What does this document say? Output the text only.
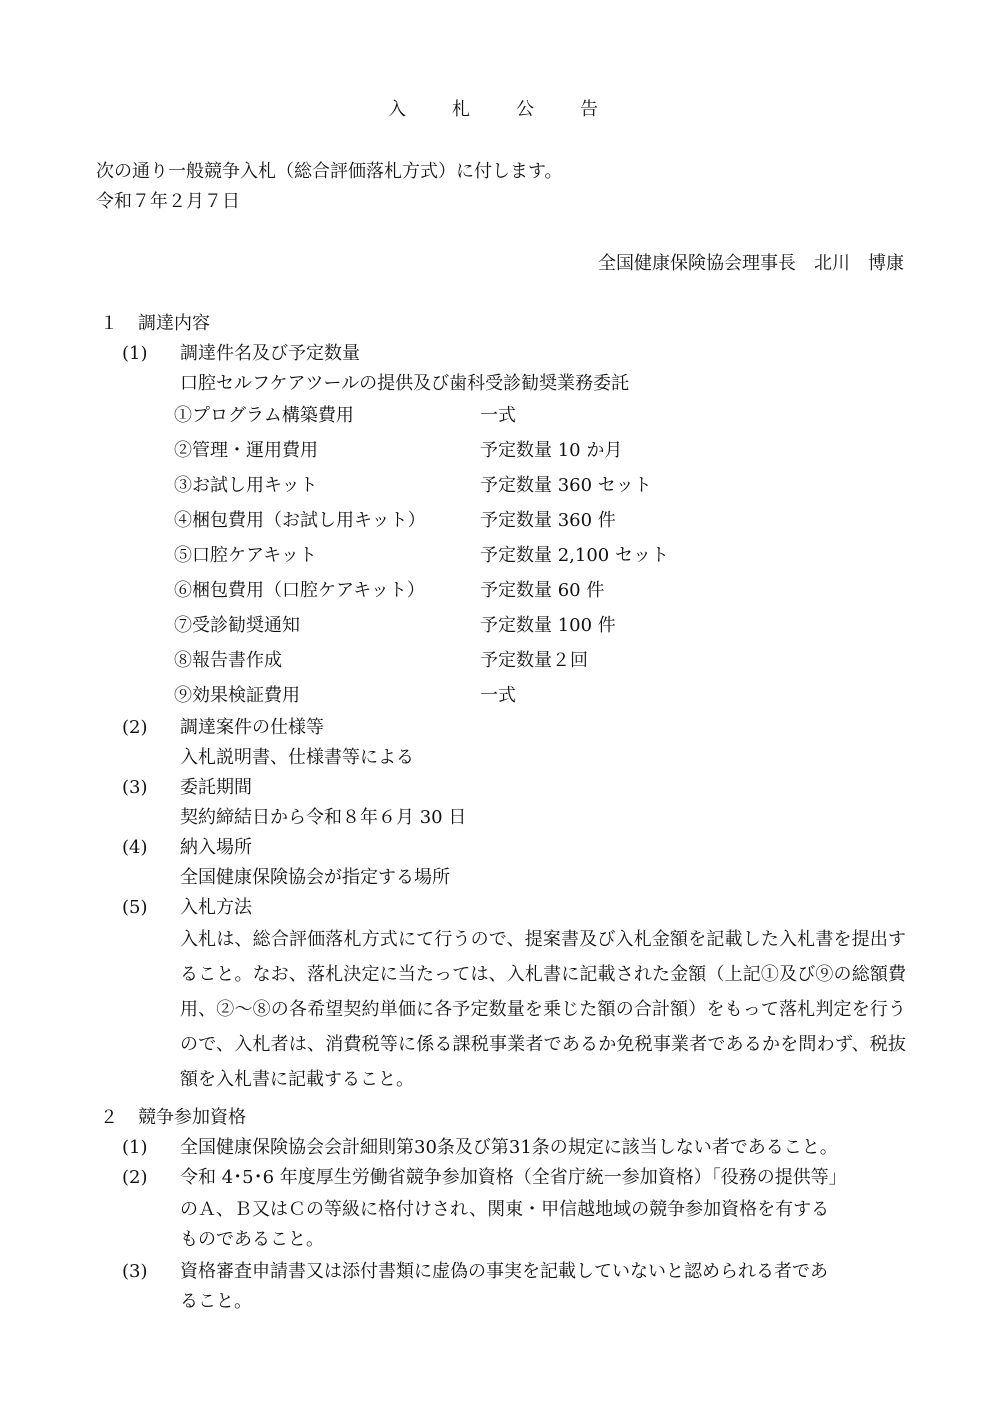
入　札　公　告
次の通り一般競争入札（総合評価落札方式）に付します。
令和７年２月７日
全国健康保険協会理事長　北川　博康
１ 調達内容
(1) 調達件名及び予定数量
口腔セルフケアツールの提供及び歯科受診勧奨業務委託
①プログラム構築費用	一式
②管理・運用費用	予定数量 10 か月
③お試し用キット	予定数量 360 セット
④梱包費用（お試し用キット）	予定数量 360 件
⑤口腔ケアキット	予定数量 2,100 セット
⑥梱包費用（口腔ケアキット）	予定数量 60 件
⑦受診勧奨通知	予定数量 100 件
⑧報告書作成	予定数量２回
⑨効果検証費用	一式
(2) 調達案件の仕様等
入札説明書、仕様書等による
(3) 委託期間
契約締結日から令和８年６月 30 日
(4) 納入場所
全国健康保険協会が指定する場所
(5) 入札方法

入札は、総合評価落札方式にて行うので、提案書及び入札金額を記載した入札書を提出すること。なお、落札決定に当たっては、入札書に記載された金額（上記①及び⑨の総額費用、②～⑧の各希望契約単価に各予定数量を乗じた額の合計額）をもって落札判定を行うので、入札者は、消費税等に係る課税事業者であるか免税事業者であるかを問わず、税抜額を入札書に記載すること。

２ 競争参加資格
(1) 全国健康保険協会会計細則第30条及び第31条の規定に該当しない者であること。
(2) 令和 4･5･6 年度厚生労働省競争参加資格（全省庁統一参加資格）「役務の提供等」
のＡ、Ｂ又はＣの等級に格付けされ、関東・甲信越地域の競争参加資格を有する
ものであること。
(3) 資格審査申請書又は添付書類に虚偽の事実を記載していないと認められる者であ
ること。
